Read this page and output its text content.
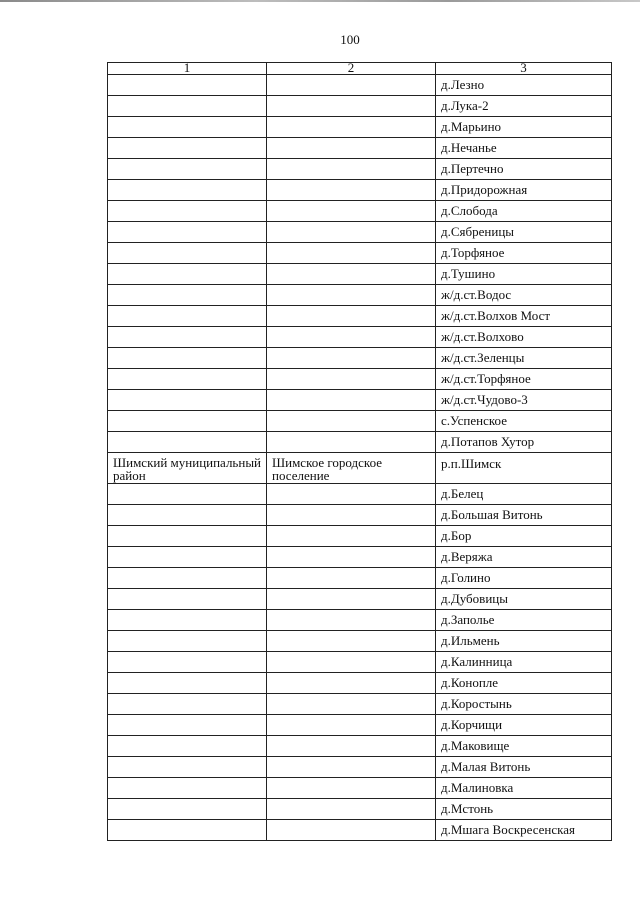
100
1	2	3
		д.Лезно
		д.Лука-2
		д.Марьино
		д.Нечанье
		д.Пертечно
		д.Придорожная
		д.Слобода
		д.Сябреницы
		д.Торфяное
		д.Тушино
		ж/д.ст.Водос
		ж/д.ст.Волхов Мост
		ж/д.ст.Волхово
		ж/д.ст.Зеленцы
		ж/д.ст.Торфяное
		ж/д.ст.Чудово-3
		с.Успенское
		д.Потапов Хутор
Шимский муниципальный район	Шимское городское поселение	р.п.Шимск
		д.Белец
		д.Большая Витонь
		д.Бор
		д.Веряжа
		д.Голино
		д.Дубовицы
		д.Заполье
		д.Ильмень
		д.Калинница
		д.Конопле
		д.Коростынь
		д.Корчищи
		д.Маковище
		д.Малая Витонь
		д.Малиновка
		д.Мстонь
		д.Мшага Воскресенская
